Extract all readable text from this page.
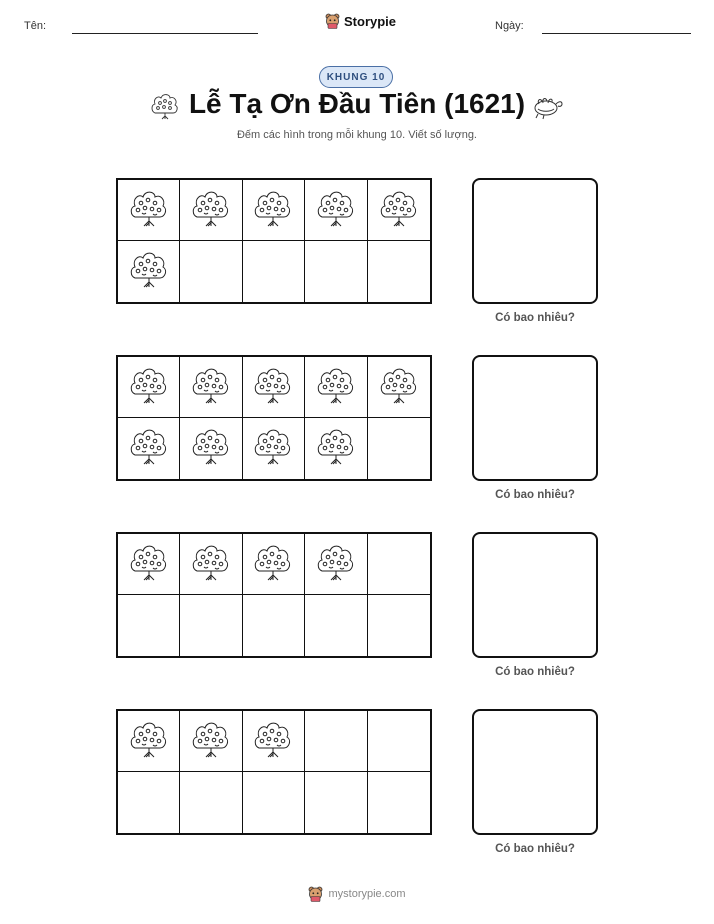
Tên:	Storypie	Ngày:
KHUNG 10
Lễ Tạ Ơn Đầu Tiên (1621)
Đếm các hình trong mỗi khung 10. Viết số lượng.
Có bao nhiêu?
Có bao nhiêu?
Có bao nhiêu?
Có bao nhiêu?
mystorypie.com
